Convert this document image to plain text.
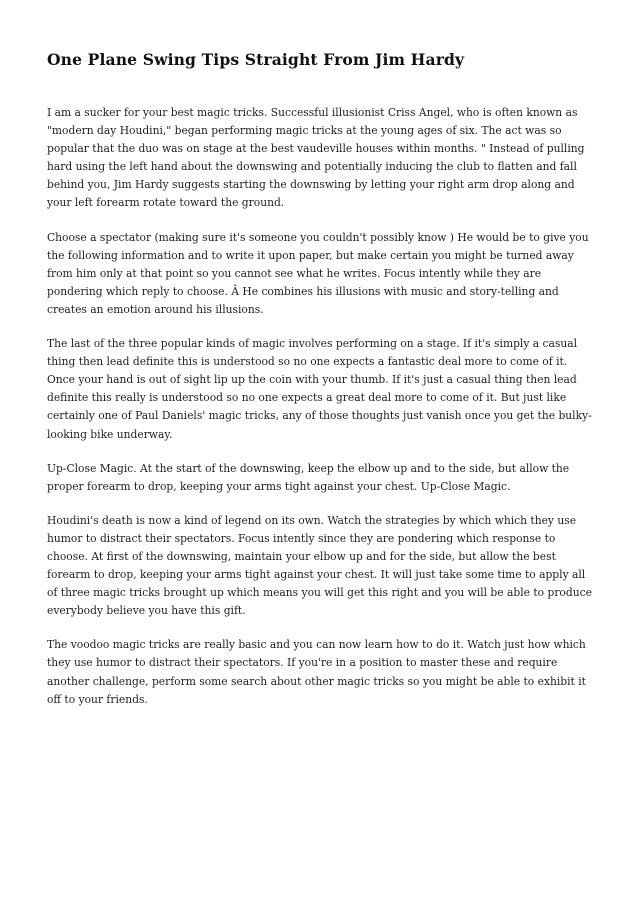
One Plane Swing Tips Straight From Jim Hardy

I am a sucker for your best magic tricks. Successful illusionist Criss Angel, who is often known as "modern day Houdini," began performing magic tricks at the young ages of six. The act was so popular that the duo was on stage at the best vaudeville houses within months. " Instead of pulling hard using the left hand about the downswing and potentially inducing the club to flatten and fall behind you, Jim Hardy suggests starting the downswing by letting your right arm drop along and your left forearm rotate toward the ground.

Choose a spectator (making sure it's someone you couldn't possibly know ) He would be to give you the following information and to write it upon paper, but make certain you might be turned away from him only at that point so you cannot see what he writes. Focus intently while they are pondering which reply to choose. Â He combines his illusions with music and story-telling and creates an emotion around his illusions.

The last of the three popular kinds of magic involves performing on a stage. If it's simply a casual thing then lead definite this is understood so no one expects a fantastic deal more to come of it. Once your hand is out of sight lip up the coin with your thumb. If it's just a casual thing then lead definite this really is understood so no one expects a great deal more to come of it. But just like certainly one of Paul Daniels' magic tricks, any of those thoughts just vanish once you get the bulky-looking bike underway.

Up-Close Magic. At the start of the downswing, keep the elbow up and to the side, but allow the proper forearm to drop, keeping your arms tight against your chest. Up-Close Magic.

Houdini's death is now a kind of legend on its own. Watch the strategies by which which they use humor to distract their spectators. Focus intently since they are pondering which response to choose. At first of the downswing, maintain your elbow up and for the side, but allow the best forearm to drop, keeping your arms tight against your chest. It will just take some time to apply all of three magic tricks brought up which means you will get this right and you will be able to produce everybody believe you have this gift.

The voodoo magic tricks are really basic and you can now learn how to do it. Watch just how which they use humor to distract their spectators. If you're in a position to master these and require another challenge, perform some search about other magic tricks so you might be able to exhibit it off to your friends.
